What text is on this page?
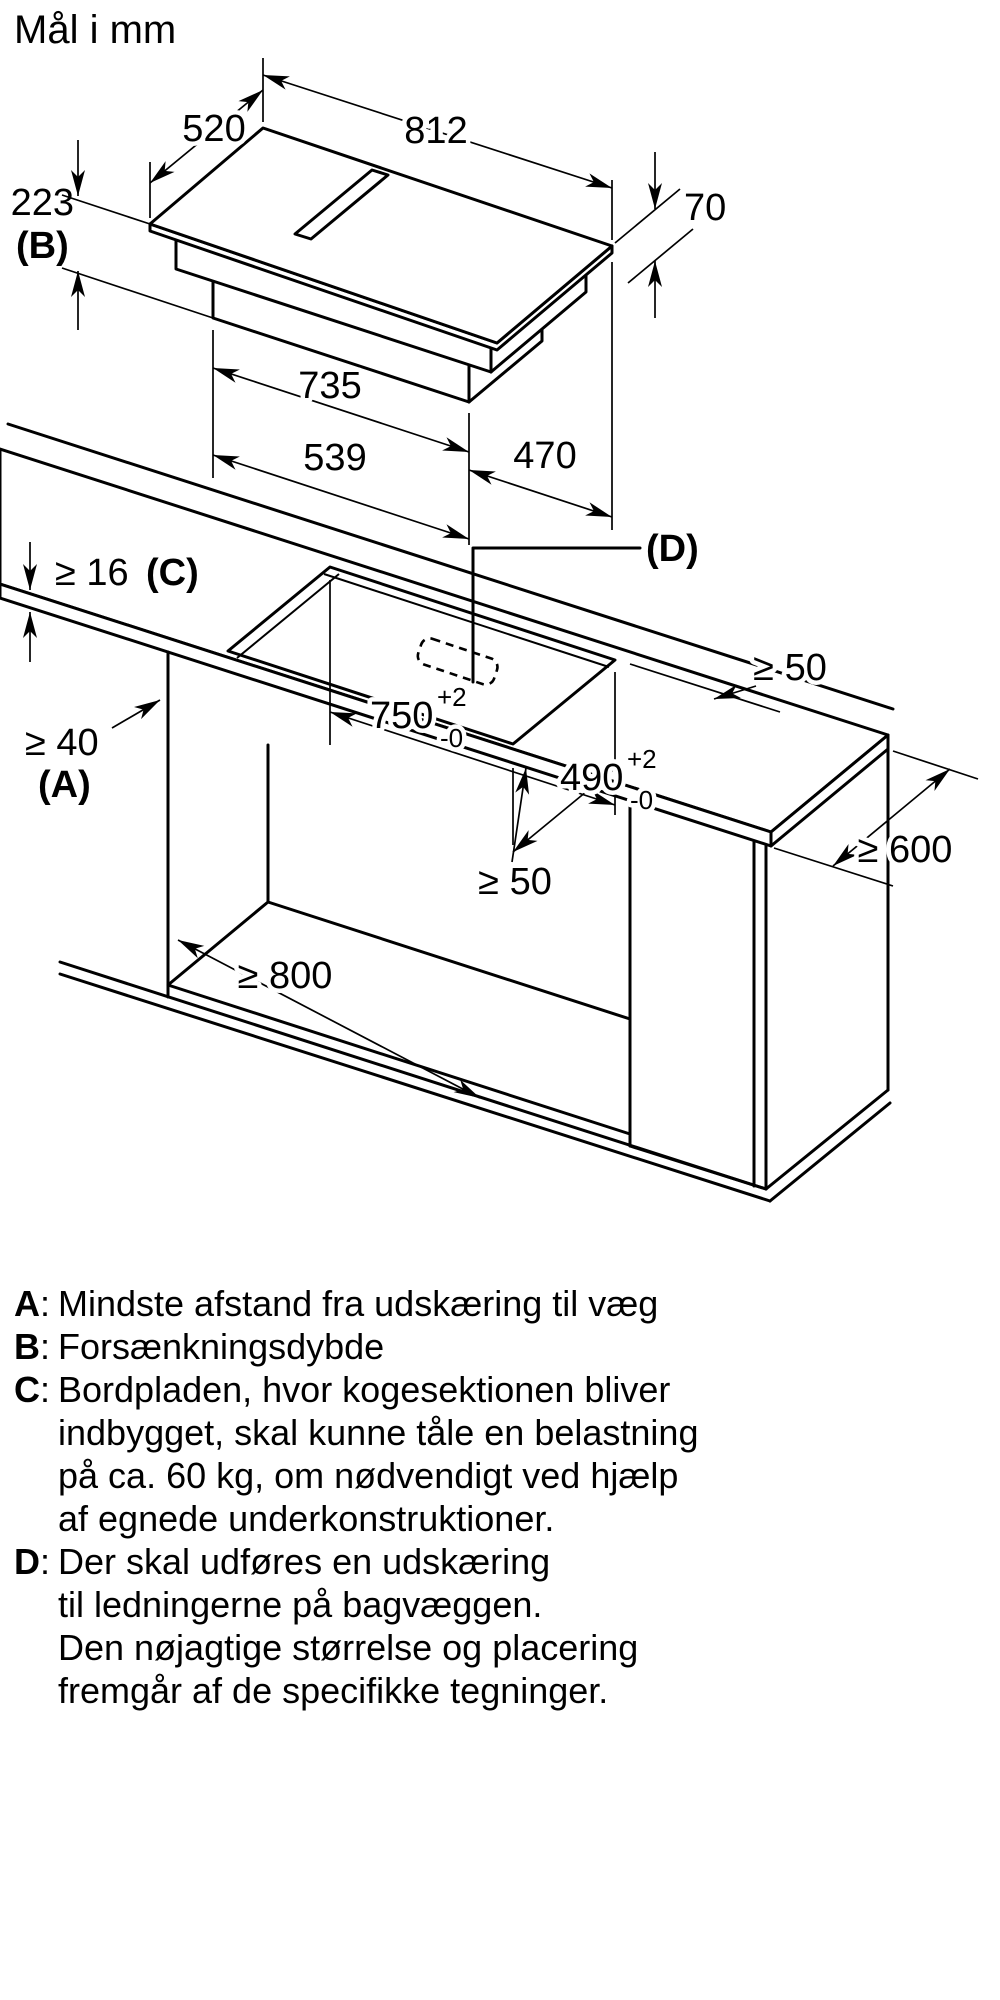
Mål i mm
520	812
223
(B)
70
735
539	470
≥ 16 (C)
≥ 40
(A)
(D)
750 +2
-0
490 +2
-0
≥ 50
≥ 50
≥ 600
≥ 800
A: Mindste afstand fra udskæring til væg
B: Forsænkningsdybde
C: Bordpladen, hvor kogesektionen bliver
indbygget, skal kunne tåle en belastning
på ca. 60 kg, om nødvendigt ved hjælp
af egnede underkonstruktioner.
D: Der skal udføres en udskæring
til ledningerne på bagvæggen.
Den nøjagtige størrelse og placering
fremgår af de specifikke tegninger.
